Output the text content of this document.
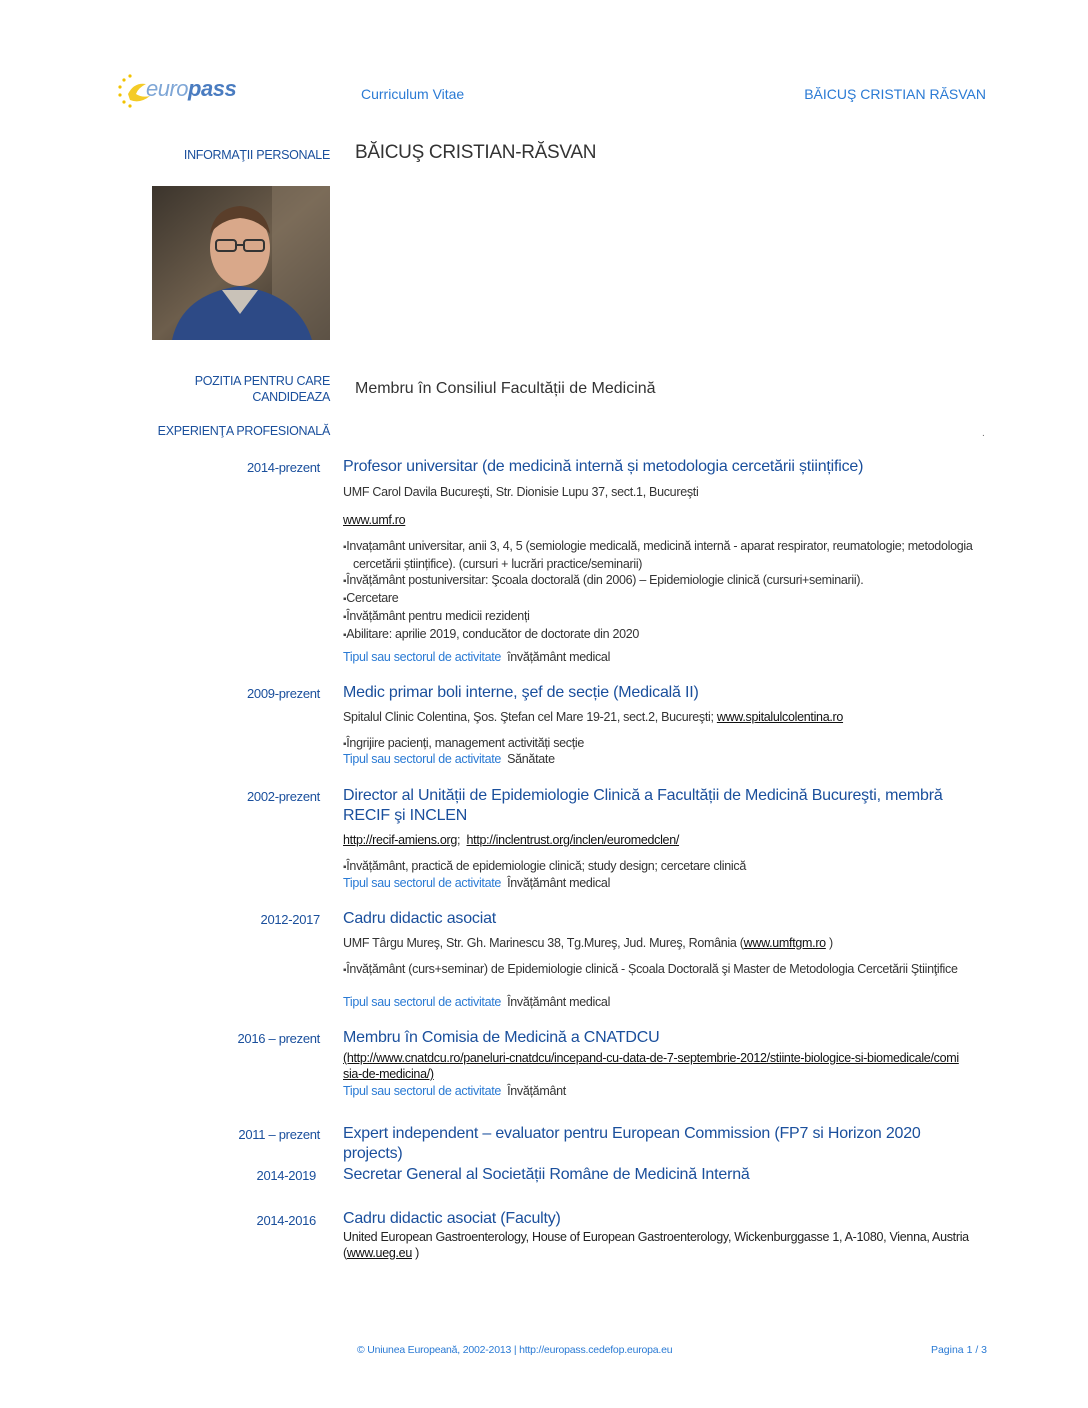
europass	Curriculum Vitae	BĂICUŞ CRISTIAN RĂSVAN
INFORMAŢII PERSONALE BĂICUŞ CRISTIAN-RĂSVAN
POZITIA PENTRU CARE
CANDIDEAZA Membru în Consiliul Facultății de Medicină
EXPERIENŢA PROFESIONALĂ	.
2014-prezent Profesor universitar (de medicină internă și metodologia cercetării științifice)
UMF Carol Davila Bucureşti, Str. Dionisie Lupu 37, sect.1, Bucureşti
www.umf.ro
▪ Invațamânt universitar, anii 3, 4, 5 (semiologie medicală, medicină internă - aparat respirator, reumatologie; metodologia cercetării științifice). (cursuri + lucrări practice/seminarii)
▪ Învățământ postuniversitar: Şcoala doctorală (din 2006) – Epidemiologie clinică (cursuri+seminarii).
▪ Cercetare
▪ Învățământ pentru medicii rezidenți
▪ Abilitare: aprilie 2019, conducător de doctorate din 2020
Tipul sau sectorul de activitate învățământ medical
2009-prezent Medic primar boli interne, şef de secție (Medicală II)
Spitalul Clinic Colentina, Şos. Ştefan cel Mare 19-21, sect.2, Bucureşti; www.spitalulcolentina.ro
▪ Îngrijire pacienți, management activități secție
Tipul sau sectorul de activitate Sănătate
2002-prezent Director al Unității de Epidemiologie Clinică a Facultății de Medicină Bucureşti, membră RECIF şi INCLEN
http://recif-amiens.org;  http://inclentrust.org/inclen/euromedclen/
▪ Învățământ, practică de epidemiologie clinică; study design; cercetare clinică
Tipul sau sectorul de activitate Învățământ medical
2012-2017 Cadru didactic asociat
UMF Târgu Mureş, Str. Gh. Marinescu 38, Tg.Mureş, Jud. Mureş, România (www.umftgm.ro )
▪ Învățământ (curs+seminar) de Epidemiologie clinică - Școala Doctorală şi Master de Metodologia Cercetării Ştiinţifice
Tipul sau sectorul de activitate Învățământ medical
2016 – prezent Membru în Comisia de Medicină a CNATDCU
(http://www.cnatdcu.ro/paneluri-cnatdcu/incepand-cu-data-de-7-septembrie-2012/stiinte-biologice-si-biomedicale/comisia-de-medicina/)
Tipul sau sectorul de activitate Învățământ
2011 – prezent Expert independent – evaluator pentru European Commission (FP7 si Horizon 2020 projects)
2014-2019 Secretar General al Societății Române de Medicină Internă
2014-2016 Cadru didactic asociat (Faculty)
United European Gastroenterology, House of European Gastroenterology, Wickenburggasse 1, A-1080, Vienna, Austria (www.ueg.eu )
© Uniunea Europeană, 2002-2013 | http://europass.cedefop.europa.eu	Pagina 1 / 3
